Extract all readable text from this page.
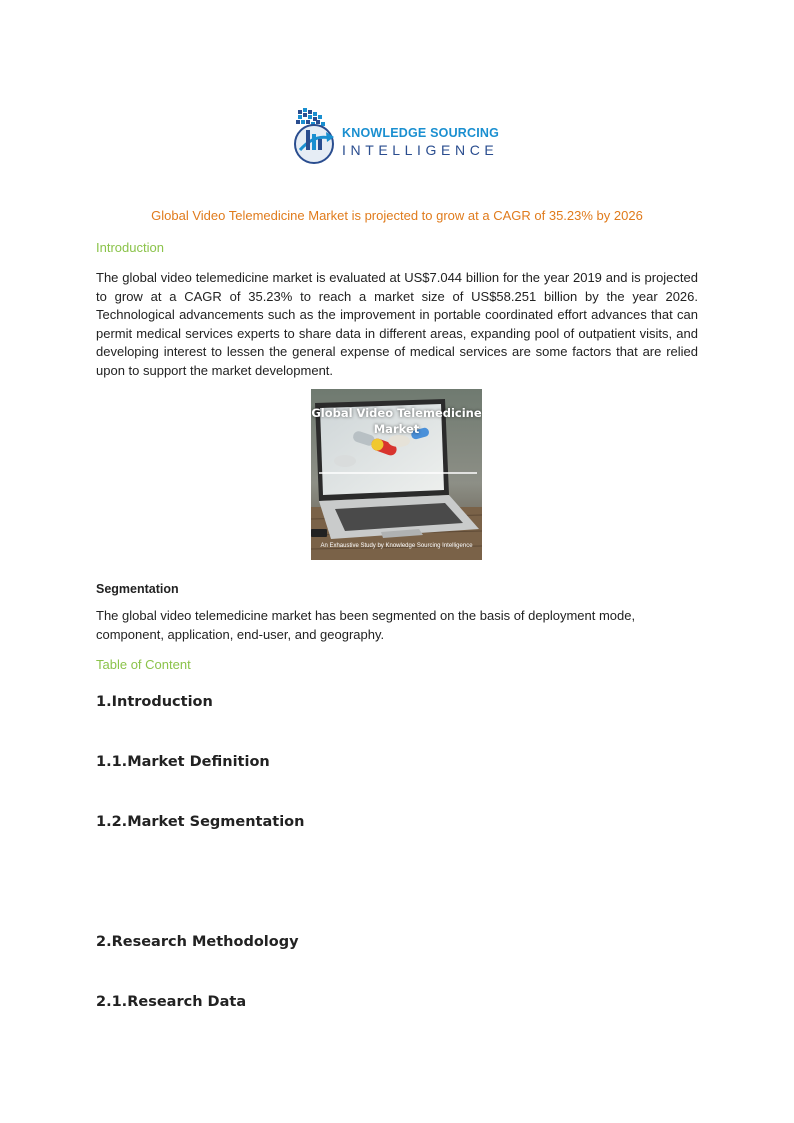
KNOWLEDGE SOURCING
INTELLIGENCE
Global Video Telemedicine Market is projected to grow at a CAGR of 35.23% by 2026
Introduction
The global video telemedicine market is evaluated at US$7.044 billion for the year 2019 and is projected to grow at a CAGR of 35.23% to reach a market size of US$58.251 billion by the year 2026. Technological advancements such as the improvement in portable coordinated effort advances that can permit medical services experts to share data in different areas, expanding pool of outpatient visits, and developing interest to lessen the general expense of medical services are some factors that are relied upon to support the market development.
Global Video Telemedicine Market
An Exhaustive Study by Knowledge Sourcing Intelligence
Segmentation
The global video telemedicine market has been segmented on the basis of deployment mode, component, application, end-user, and geography.
Table of Content
1.Introduction
1.1.Market Definition
1.2.Market Segmentation
2.Research Methodology
2.1.Research Data
